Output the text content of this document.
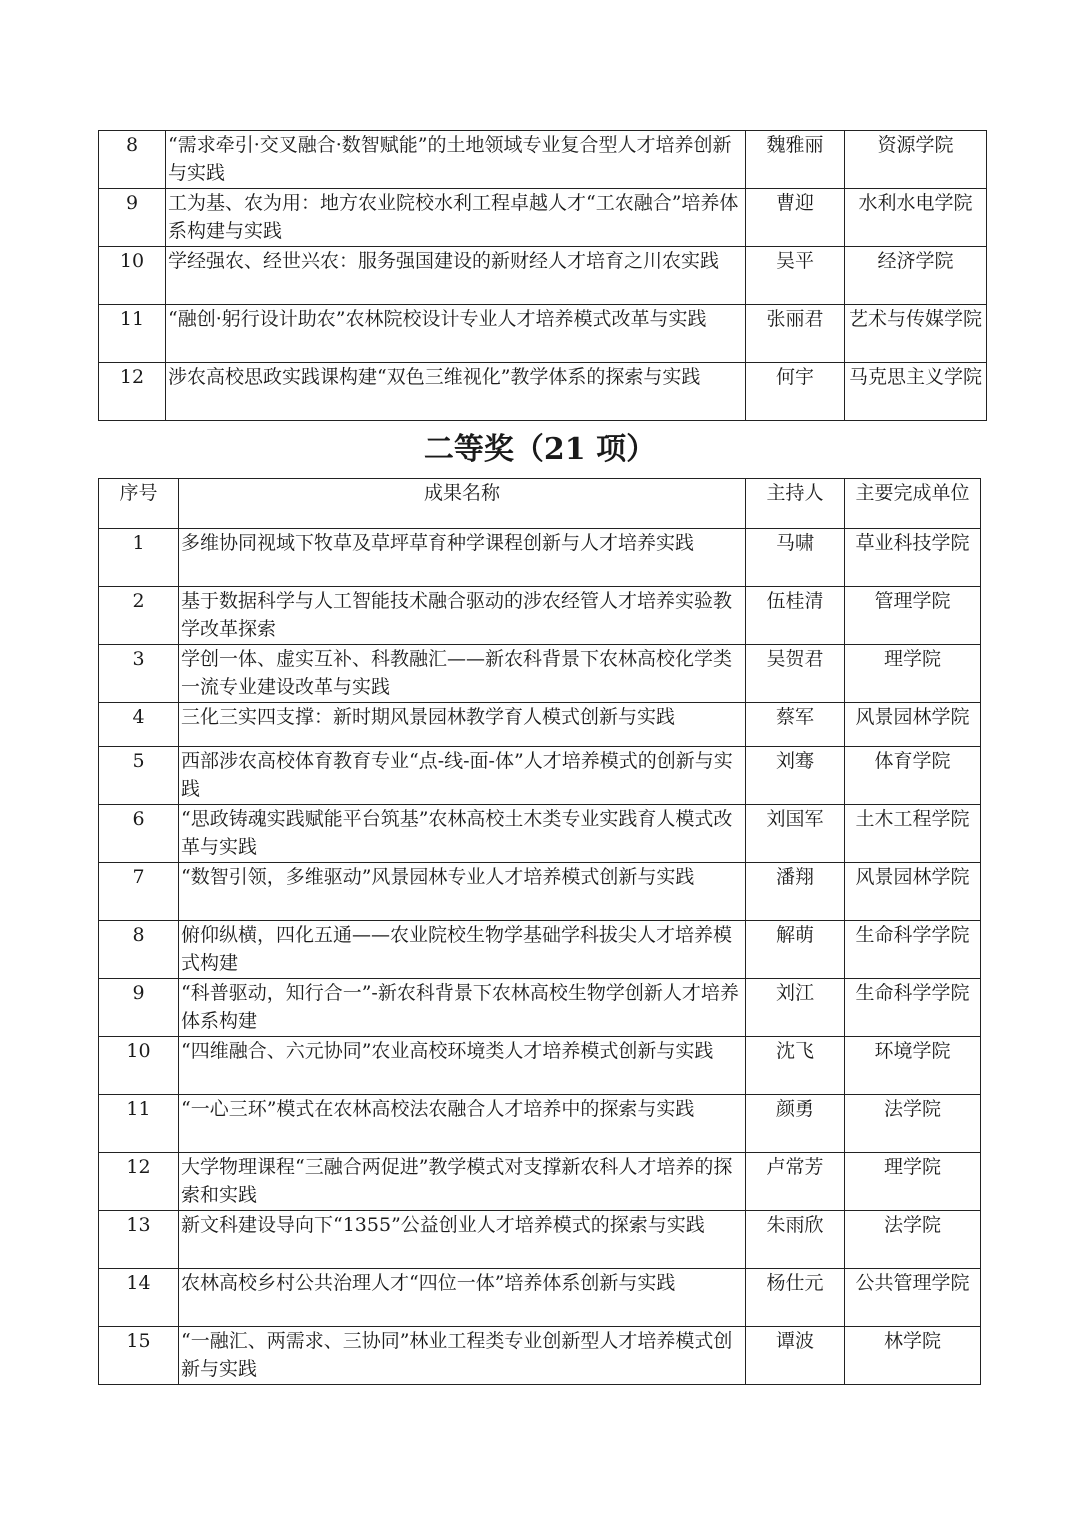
8	“需求牵引·交叉融合·数智赋能”的土地领域专业复合型人才培养创新与实践	魏雅丽	资源学院
9	工为基、农为用：地方农业院校水利工程卓越人才“工农融合”培养体系构建与实践	曹迎	水利水电学院
10	学经强农、经世兴农：服务强国建设的新财经人才培育之川农实践	吴平	经济学院
11	“融创·躬行设计助农”农林院校设计专业人才培养模式改革与实践	张丽君	艺术与传媒学院
12	涉农高校思政实践课构建“双色三维视化”教学体系的探索与实践	何宇	马克思主义学院
二等奖（21 项）
序号	成果名称	主持人	主要完成单位
1	多维协同视域下牧草及草坪草育种学课程创新与人才培养实践	马啸	草业科技学院
2	基于数据科学与人工智能技术融合驱动的涉农经管人才培养实验教学改革探索	伍桂清	管理学院
3	学创一体、虚实互补、科教融汇——新农科背景下农林高校化学类一流专业建设改革与实践	吴贺君	理学院
4	三化三实四支撑：新时期风景园林教学育人模式创新与实践	蔡军	风景园林学院
5	西部涉农高校体育教育专业“点-线-面-体”人才培养模式的创新与实践	刘骞	体育学院
6	“思政铸魂实践赋能平台筑基”农林高校土木类专业实践育人模式改革与实践	刘国军	土木工程学院
7	“数智引领，多维驱动”风景园林专业人才培养模式创新与实践	潘翔	风景园林学院
8	俯仰纵横，四化五通——农业院校生物学基础学科拔尖人才培养模式构建	解萌	生命科学学院
9	“科普驱动，知行合一”-新农科背景下农林高校生物学创新人才培养体系构建	刘江	生命科学学院
10	“四维融合、六元协同”农业高校环境类人才培养模式创新与实践	沈飞	环境学院
11	“一心三环”模式在农林高校法农融合人才培养中的探索与实践	颜勇	法学院
12	大学物理课程“三融合两促进”教学模式对支撑新农科人才培养的探索和实践	卢常芳	理学院
13	新文科建设导向下“1355”公益创业人才培养模式的探索与实践	朱雨欣	法学院
14	农林高校乡村公共治理人才“四位一体”培养体系创新与实践	杨仕元	公共管理学院
15	“一融汇、两需求、三协同”林业工程类专业创新型人才培养模式创新与实践	谭波	林学院
